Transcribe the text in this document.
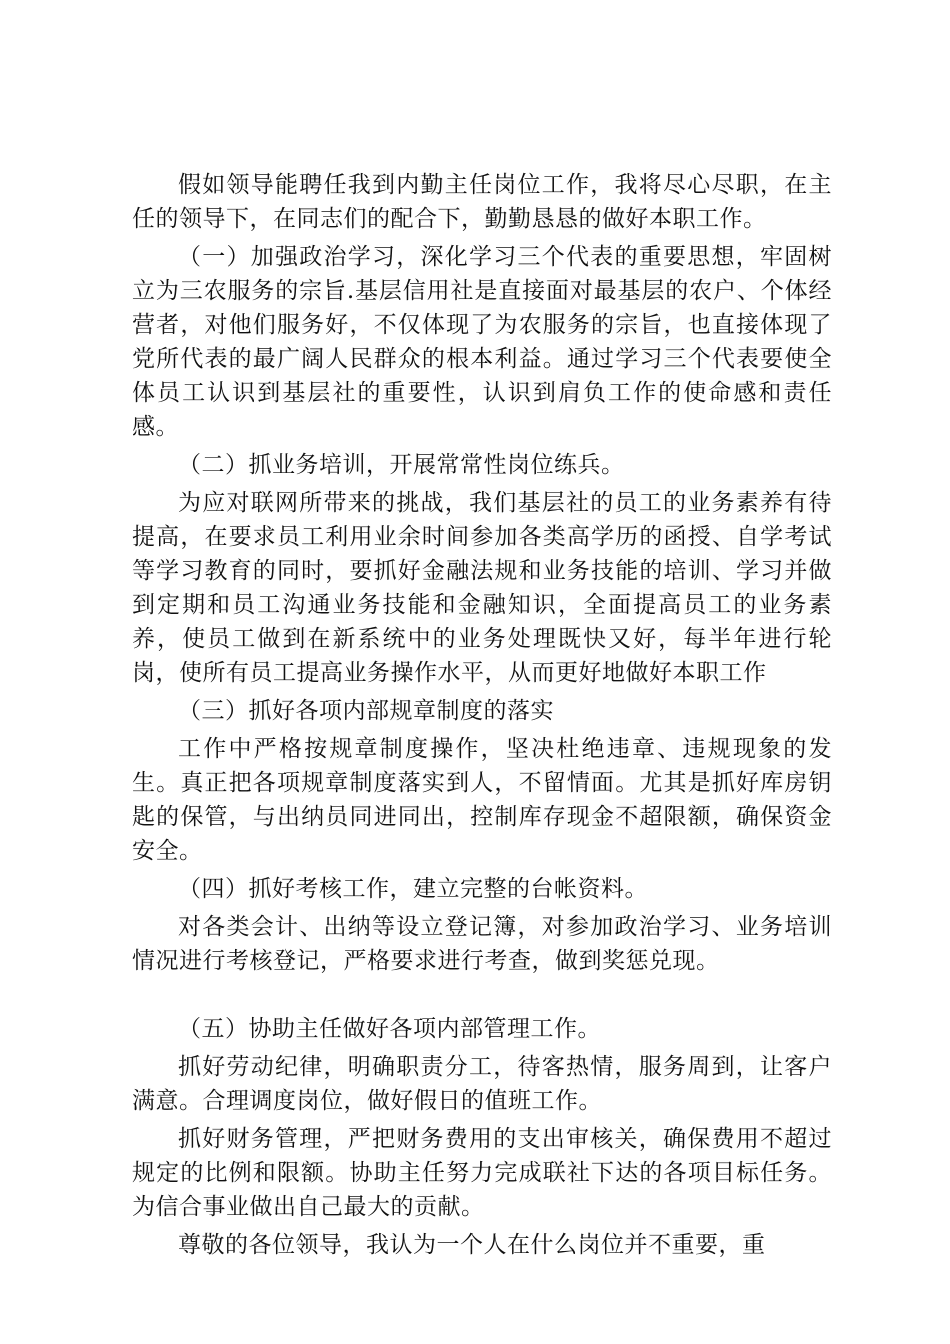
假如领导能聘任我到内勤主任岗位工作，我将尽心尽职，在主任的领导下，在同志们的配合下，勤勤恳恳的做好本职工作。

（一）加强政治学习，深化学习三个代表的重要思想，牢固树立为三农服务的宗旨.基层信用社是直接面对最基层的农户、个体经营者，对他们服务好，不仅体现了为农服务的宗旨，也直接体现了党所代表的最广阔人民群众的根本利益。通过学习三个代表要使全体员工认识到基层社的重要性，认识到肩负工作的使命感和责任感。

（二）抓业务培训，开展常常性岗位练兵。

为应对联网所带来的挑战，我们基层社的员工的业务素养有待提高，在要求员工利用业余时间参加各类高学历的函授、自学考试等学习教育的同时，要抓好金融法规和业务技能的培训、学习并做到定期和员工沟通业务技能和金融知识，全面提高员工的业务素养，使员工做到在新系统中的业务处理既快又好，每半年进行轮岗，使所有员工提高业务操作水平，从而更好地做好本职工作

（三）抓好各项内部规章制度的落实

工作中严格按规章制度操作，坚决杜绝违章、违规现象的发生。真正把各项规章制度落实到人，不留情面。尤其是抓好库房钥匙的保管，与出纳员同进同出，控制库存现金不超限额，确保资金安全。

（四）抓好考核工作，建立完整的台帐资料。

对各类会计、出纳等设立登记簿，对参加政治学习、业务培训情况进行考核登记，严格要求进行考查，做到奖惩兑现。

（五）协助主任做好各项内部管理工作。

抓好劳动纪律，明确职责分工，待客热情，服务周到，让客户满意。合理调度岗位，做好假日的值班工作。

抓好财务管理，严把财务费用的支出审核关，确保费用不超过规定的比例和限额。协助主任努力完成联社下达的各项目标任务。为信合事业做出自己最大的贡献。

尊敬的各位领导，我认为一个人在什么岗位并不重要，重
